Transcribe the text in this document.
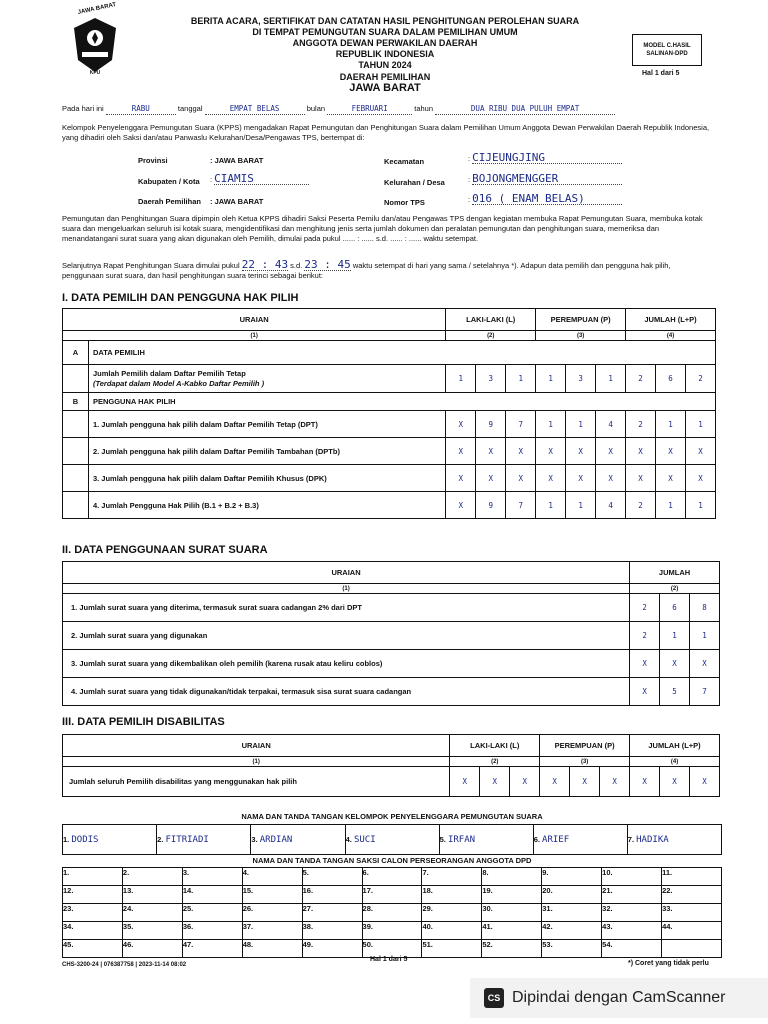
JAWA BARAT
KPU
BERITA ACARA, SERTIFIKAT DAN CATATAN HASIL PENGHITUNGAN PEROLEHAN SUARA
DI TEMPAT PEMUNGUTAN SUARA DALAM PEMILIHAN UMUM
ANGGOTA DEWAN PERWAKILAN DAERAH
REPUBLIK INDONESIA
TAHUN 2024
DAERAH PEMILIHAN
JAWA BARAT
MODEL C.HASIL
SALINAN-DPD
Hal 1 dari 5
Pada hari ini	RABU	tanggal	EMPAT BELAS	bulan	FEBRUARI	tahun	DUA RIBU DUA PULUH EMPAT
Kelompok Penyelenggara Pemungutan Suara (KPPS) mengadakan Rapat Pemungutan dan Penghitungan Suara dalam Pemilihan Umum Anggota Dewan Perwakilan Daerah Republik Indonesia, yang dihadiri oleh Saksi dan/atau Panwaslu Kelurahan/Desa/Pengawas TPS, bertempat di:
Provinsi	: JAWA BARAT
Kabupaten / Kota : CIAMIS
Daerah Pemilihan : JAWA BARAT
Kecamatan	: CIJEUNGJING
Kelurahan / Desa	: BOJONGMENGGER
Nomor TPS	: 016 ( ENAM BELAS)
Pemungutan dan Penghitungan Suara dipimpin oleh Ketua KPPS dihadiri Saksi Peserta Pemilu dan/atau Pengawas TPS dengan kegiatan membuka Rapat Pemungutan Suara, membuka kotak suara dan mengeluarkan seluruh isi kotak suara, mengidentifikasi dan menghitung jenis serta jumlah dokumen dan peralatan pemungutan dan penghitungan suara, memeriksa dan menandatangani surat suara yang akan digunakan oleh Pemilih, dimulai pada pukul ...... : ...... s.d. ...... : ...... waktu setempat.
Selanjutnya Rapat Penghitungan Suara dimulai pukul 22 : 43 s.d. 23 : 45 waktu setempat di hari yang sama / setelahnya *). Adapun data pemilih dan pengguna hak pilih, penggunaan surat suara, dan hasil penghitungan suara terinci sebagai berikut:
I. DATA PEMILIH DAN PENGGUNA HAK PILIH
URAIAN		LAKI-LAKI (L)			PEREMPUAN (P)			JUMLAH (L+P)		
(1)		(2)			(3)			(4)		
A	DATA PEMILIH									

	Jumlah Pemilih dalam Daftar Pemilih Tetap
(Terdapat dalam Model A-Kabko Daftar Pemilih )	1	3	1	1	3	1	2	6	2
B	PENGGUNA HAK PILIH									
	1. Jumlah pengguna hak pilih dalam Daftar Pemilih Tetap (DPT)	X	9	7	1	1	4	2	1	1
	2. Jumlah pengguna hak pilih dalam Daftar Pemilih Tambahan (DPTb)	X	X	X	X	X	X	X	X	X
	3. Jumlah pengguna hak pilih dalam Daftar Pemilih Khusus (DPK)	X	X	X	X	X	X	X	X	X
	4. Jumlah Pengguna Hak Pilih (B.1 + B.2 + B.3)	X	9	7	1	1	4	2	1	1
II. DATA PENGGUNAAN SURAT SUARA
URAIAN	JUMLAH		
(1)	(2)		
1. Jumlah surat suara yang diterima, termasuk surat suara cadangan 2% dari DPT	2	6	8
2. Jumlah surat suara yang digunakan	2	1	1
3. Jumlah surat suara yang dikembalikan oleh pemilih (karena rusak atau keliru coblos)	X	X	X
4. Jumlah surat suara yang tidak digunakan/tidak terpakai, termasuk sisa surat suara cadangan	X	5	7
III. DATA PEMILIH DISABILITAS
URAIAN	LAKI-LAKI (L)			PEREMPUAN (P)			JUMLAH (L+P)		
(1)	(2)			(3)			(4)		
Jumlah seluruh Pemilih disabilitas yang menggunakan hak pilih	X	X	X	X	X	X	X	X	X
NAMA DAN TANDA TANGAN KELOMPOK PENYELENGGARA PEMUNGUTAN SUARA
1. DODIS	2. FITRIADI	3. ARDIAN	4. SUCI	5. IRFAN	6. ARIEF	7. HADIKA
NAMA DAN TANDA TANGAN SAKSI CALON PERSEORANGAN ANGGOTA DPD
1.	2.	3.	4.	5.	6.	7.	8.	9.	10.	11.
12.	13.	14.	15.	16.	17.	18.	19.	20.	21.	22.
23.	24.	25.	26.	27.	28.	29.	30.	31.	32.	33.
34.	35.	36.	37.	38.	39.	40.	41.	42.	43.	44.
45.	46.	47.	48.	49.	50.	51.	52.	53.	54.	
CHS-3200-24 | 076387758 | 2023-11-14 08:02
Hal 1 dari 5
*) Coret yang tidak perlu
CS Dipindai dengan CamScanner
